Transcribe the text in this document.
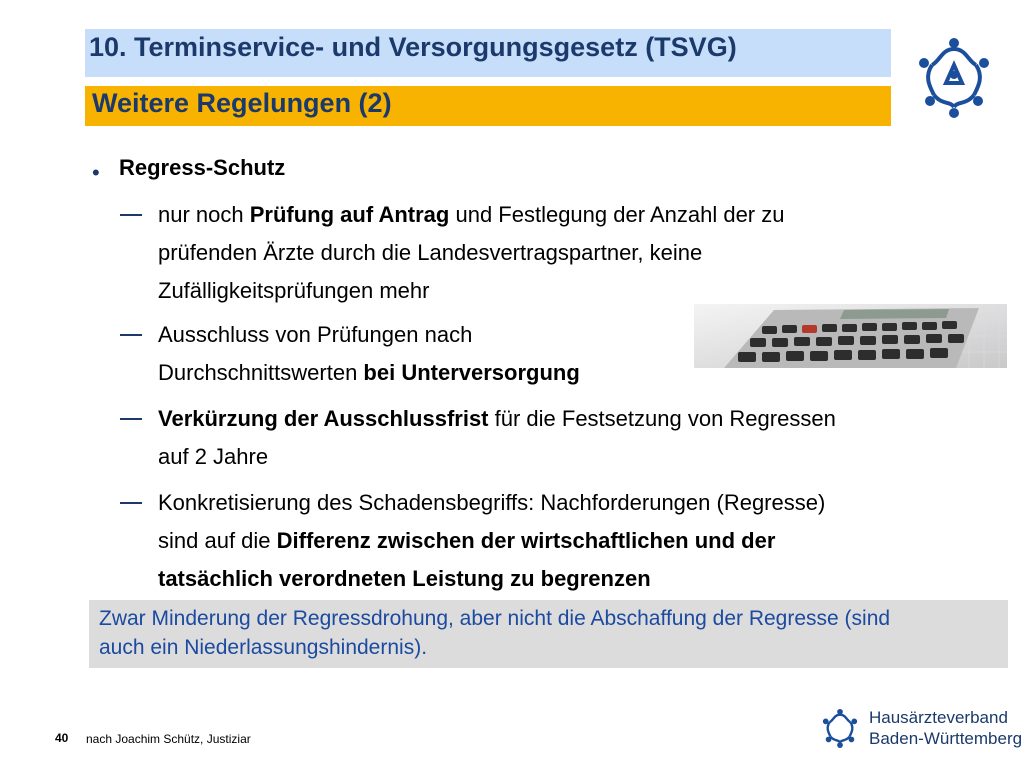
10. Terminservice- und Versorgungsgesetz (TSVG)
Weitere Regelungen (2)
• Regress-Schutz
nur noch Prüfung auf Antrag und Festlegung der Anzahl der zu
prüfenden Ärzte durch die Landesvertragspartner, keine
Zufälligkeitsprüfungen mehr
Ausschluss von Prüfungen nach
Durchschnittswerten bei Unterversorgung
Verkürzung der Ausschlussfrist für die Festsetzung von Regressen
auf 2 Jahre
Konkretisierung des Schadensbegriffs: Nachforderungen (Regresse)
sind auf die Differenz zwischen der wirtschaftlichen und der
tatsächlich verordneten Leistung zu begrenzen
Zwar Minderung der Regressdrohung, aber nicht die Abschaffung der Regresse (sind
auch ein Niederlassungshindernis).
40 nach Joachim Schütz, Justiziar
Hausärzteverband
Baden-Württemberg
